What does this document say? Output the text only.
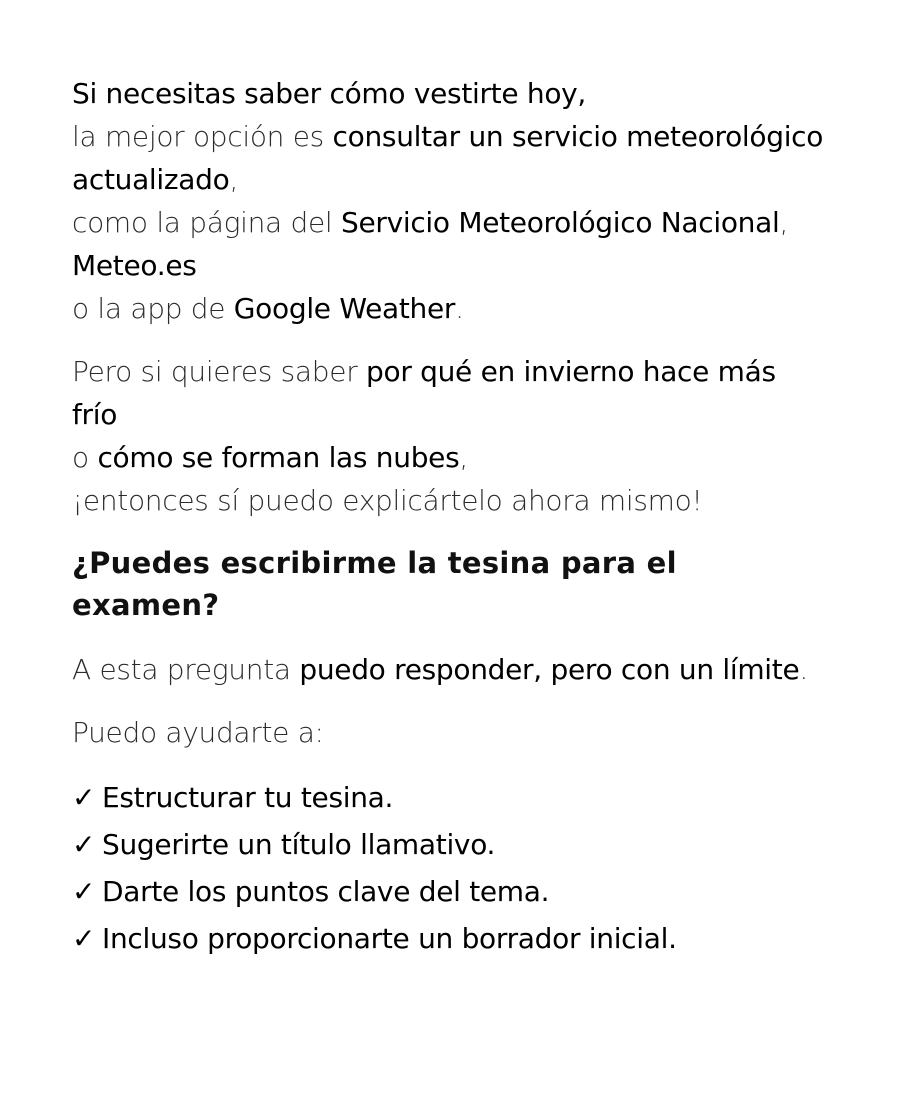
Si necesitas saber cómo vestirte hoy,
la mejor opción es consultar un servicio meteorológico
actualizado,
como la página del Servicio Meteorológico Nacional,
Meteo.es
o la app de Google Weather.

Pero si quieres saber por qué en invierno hace más
frío
o cómo se forman las nubes,
¡entonces sí puedo explicártelo ahora mismo!

¿Puedes escribirme la tesina para el
examen?

A esta pregunta puedo responder, pero con un límite.

Puedo ayudarte a:

✓ Estructurar tu tesina.
✓ Sugerirte un título llamativo.
✓ Darte los puntos clave del tema.
✓ Incluso proporcionarte un borrador inicial.
